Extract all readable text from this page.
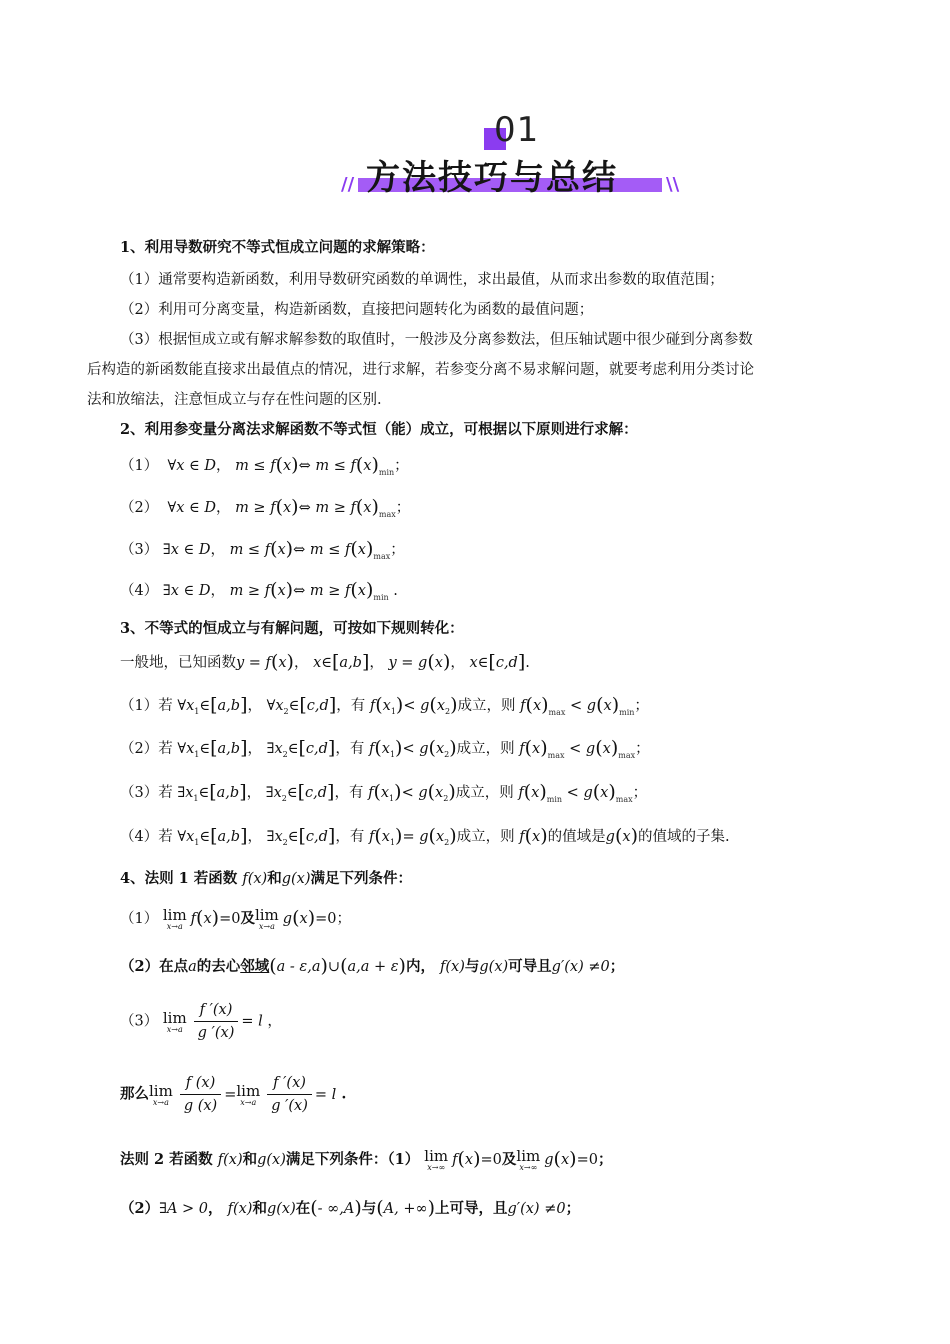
01
方法技巧与总结
//	\\
1、利用导数研究不等式恒成立问题的求解策略：
（1）通常要构造新函数，利用导数研究函数的单调性，求出最值，从而求出参数的取值范围；
（2）利用可分离变量，构造新函数，直接把问题转化为函数的最值问题；
（3）根据恒成立或有解求解参数的取值时，一般涉及分离参数法，但压轴试题中很少碰到分离参数
后构造的新函数能直接求出最值点的情况，进行求解，若参变分离不易求解问题，就要考虑利用分类讨论
法和放缩法，注意恒成立与存在性问题的区别.
2、利用参变量分离法求解函数不等式恒（能）成立，可根据以下原则进行求解：
（1）  ∀x ∈ D， m ≤ f(x)⇔ $m \le f(x)_{min}$；
（2）  ∀x ∈ D， m ≥ f(x)⇔ $m \ge f(x)_{max}$；
（3） ∃x ∈ D， m ≤ f(x)⇔ $m \le f(x)_{max}$；
（4） ∃x ∈ D， m ≥ f(x)⇔ $m \ge f(x)_{min}$ .
3、不等式的恒成立与有解问题，可按如下规则转化：
一般地，已知函数y = f(x)， x∈[a,b]， y = g(x)， x∈[c,d].
（1）若 $\forall x_1\in[a,b]$， $\forall x_2\in[c,d]$，有 $f(x_1)< g(x_2)$成立，则 $f(x)_{max} < g(x)_{min}$；
（2）若 $\forall x_1\in[a,b]$， $\exists x_2\in[c,d]$，有 $f(x_1)< g(x_2)$成立，则 $f(x)_{max} < g(x)_{max}$；
（3）若 $\exists x_1\in[a,b]$， $\exists x_2\in[c,d]$，有 $f(x_1)< g(x_2)$成立，则 $f(x)_{min} < g(x)_{max}$；
（4）若 $\forall x_1\in[a,b]$， $\exists x_2\in[c,d]$，有 $f(x_1)= g(x_2)$成立，则 f(x)的值域是g(x)的值域的子集.
4、法则 1 若函数 f(x)和g(x)满足下列条件：
（1） lim
x→a f(x)=0及 lim
x→a g(x)=0；
（2）在点a的去心邻域(a - ε,a)∪(a,a + ε)内， f(x)与g(x)可导且g′(x) ≠0；
（3） lim
$x\to a \frac{f '(x)}{g '(x)} = l$ ，
那么 lim
$x\to a \frac{f (x)}{g (x)} = \lim$
$x\to a \frac{f '(x)}{g '(x)} = l$ .
法则 2 若函数 f(x)和g(x)满足下列条件：（1） lim
x→∞ f(x)=0及 lim
x→∞ g(x)=0；
（2）∃A > 0， f(x)和g(x)在(- ∞,A)与(A, +∞)上可导，且g′(x) ≠0；
